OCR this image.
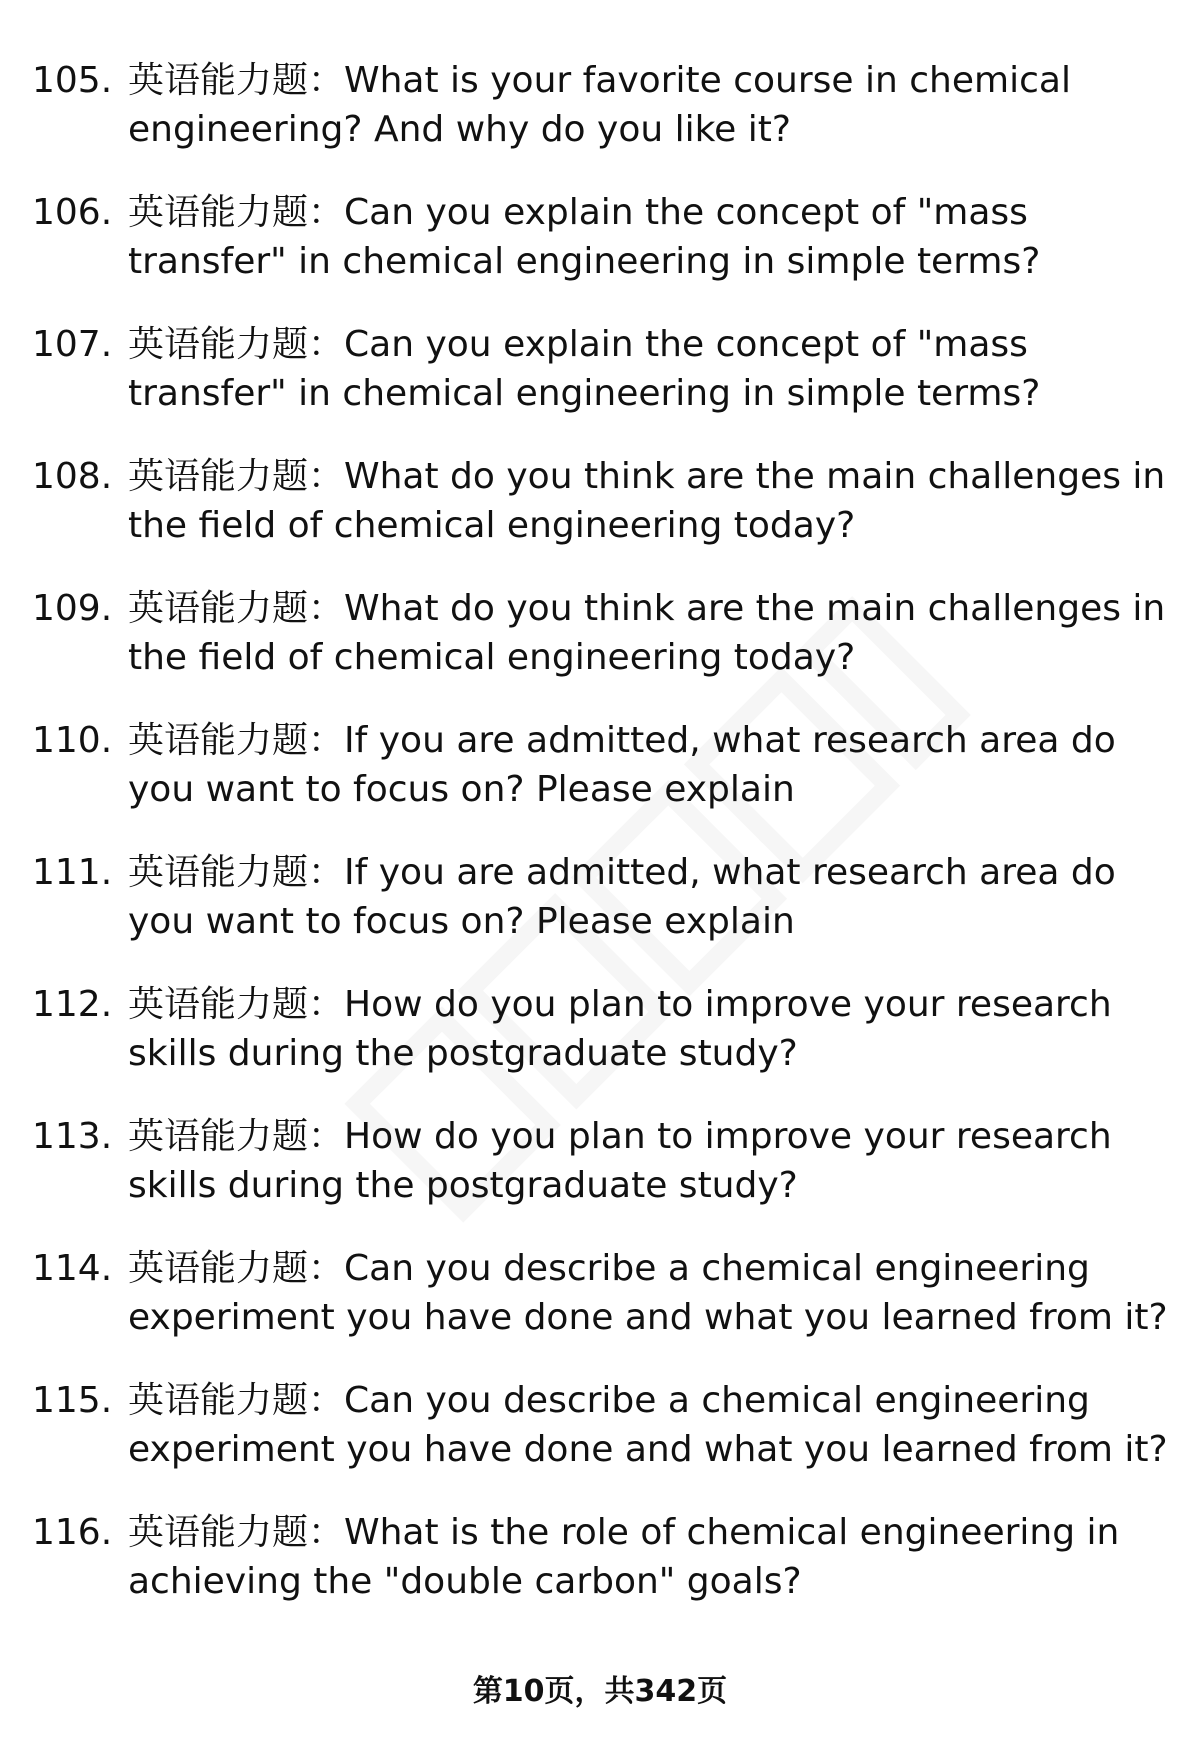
105. 英语能力题：What is your favorite course in chemical engineering? And why do you like it?
106. 英语能力题：Can you explain the concept of "mass transfer" in chemical engineering in simple terms?
107. 英语能力题：Can you explain the concept of "mass transfer" in chemical engineering in simple terms?
108. 英语能力题：What do you think are the main challenges in the field of chemical engineering today?
109. 英语能力题：What do you think are the main challenges in the field of chemical engineering today?
110. 英语能力题：If you are admitted, what research area do you want to focus on? Please explain
111. 英语能力题：If you are admitted, what research area do you want to focus on? Please explain
112. 英语能力题：How do you plan to improve your research skills during the postgraduate study?
113. 英语能力题：How do you plan to improve your research skills during the postgraduate study?
114. 英语能力题：Can you describe a chemical engineering experiment you have done and what you learned from it?
115. 英语能力题：Can you describe a chemical engineering experiment you have done and what you learned from it?
116. 英语能力题：What is the role of chemical engineering in achieving the "double carbon" goals?
第10页，共342页
